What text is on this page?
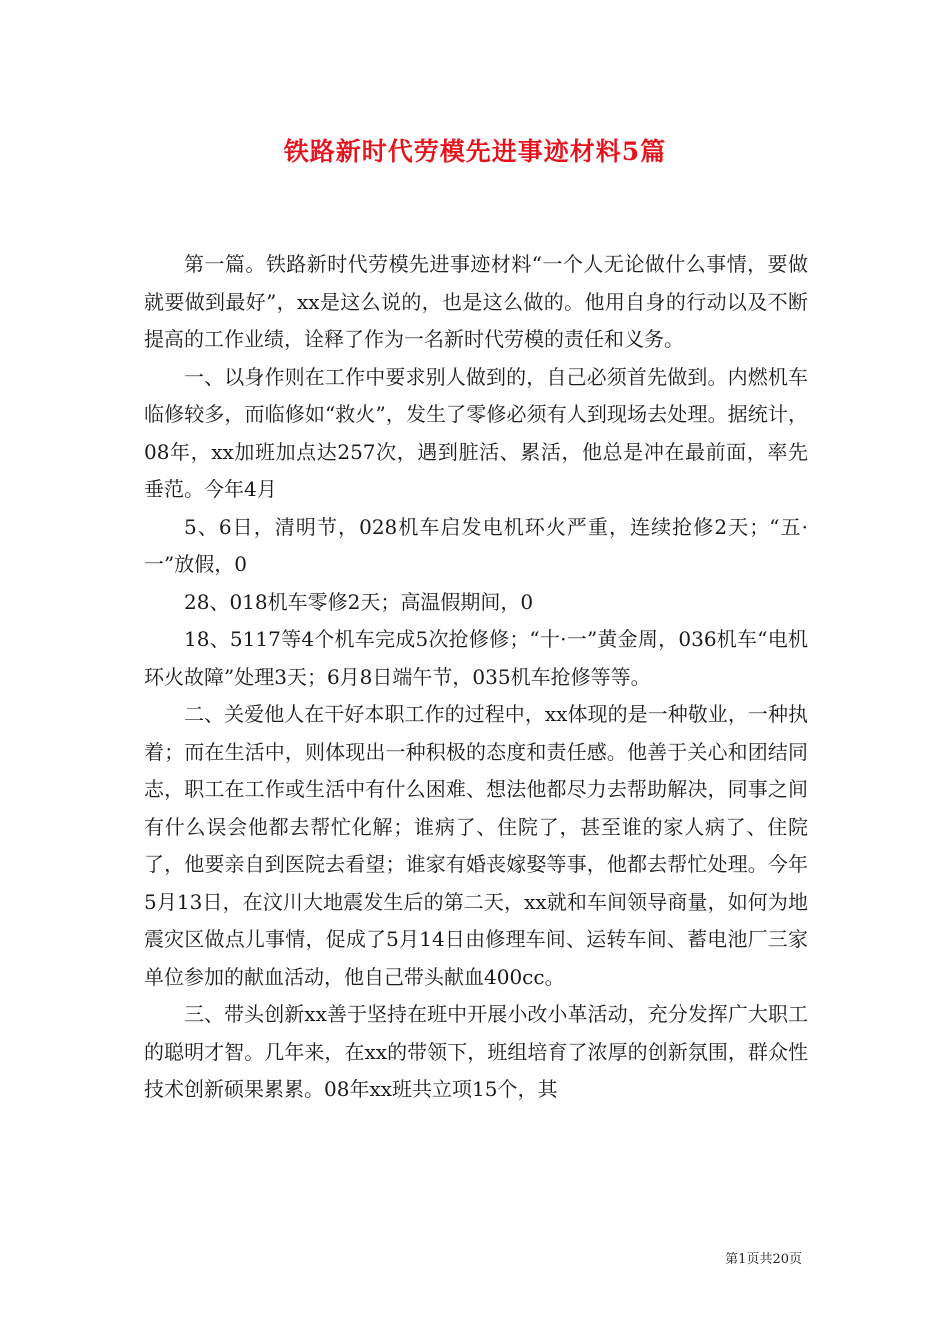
铁路新时代劳模先进事迹材料5篇

第一篇。铁路新时代劳模先进事迹材料“一个人无论做什么事情，要做就要做到最好”，xx是这么说的，也是这么做的。他用自身的行动以及不断提高的工作业绩，诠释了作为一名新时代劳模的责任和义务。

一、以身作则在工作中要求别人做到的，自己必须首先做到。内燃机车临修较多，而临修如“救火”，发生了零修必须有人到现场去处理。据统计，08年，xx加班加点达257次，遇到脏活、累活，他总是冲在最前面，率先垂范。今年4月

5、6日，清明节，028机车启发电机环火严重，连续抢修2天；“五·一”放假，0

28、018机车零修2天；高温假期间，0

18、5117等4个机车完成5次抢修修；“十·一”黄金周，036机车“电机环火故障”处理3天；6月8日端午节，035机车抢修等等。

二、关爱他人在干好本职工作的过程中，xx体现的是一种敬业，一种执着；而在生活中，则体现出一种积极的态度和责任感。他善于关心和团结同志，职工在工作或生活中有什么困难、想法他都尽力去帮助解决，同事之间有什么误会他都去帮忙化解；谁病了、住院了，甚至谁的家人病了、住院了，他要亲自到医院去看望；谁家有婚丧嫁娶等事，他都去帮忙处理。今年5月13日，在汶川大地震发生后的第二天，xx就和车间领导商量，如何为地震灾区做点儿事情，促成了5月14日由修理车间、运转车间、蓄电池厂三家单位参加的献血活动，他自己带头献血400cc。

三、带头创新xx善于坚持在班中开展小改小革活动，充分发挥广大职工的聪明才智。几年来，在xx的带领下，班组培育了浓厚的创新氛围，群众性技术创新硕果累累。08年xx班共立项15个，其

第1页共20页
